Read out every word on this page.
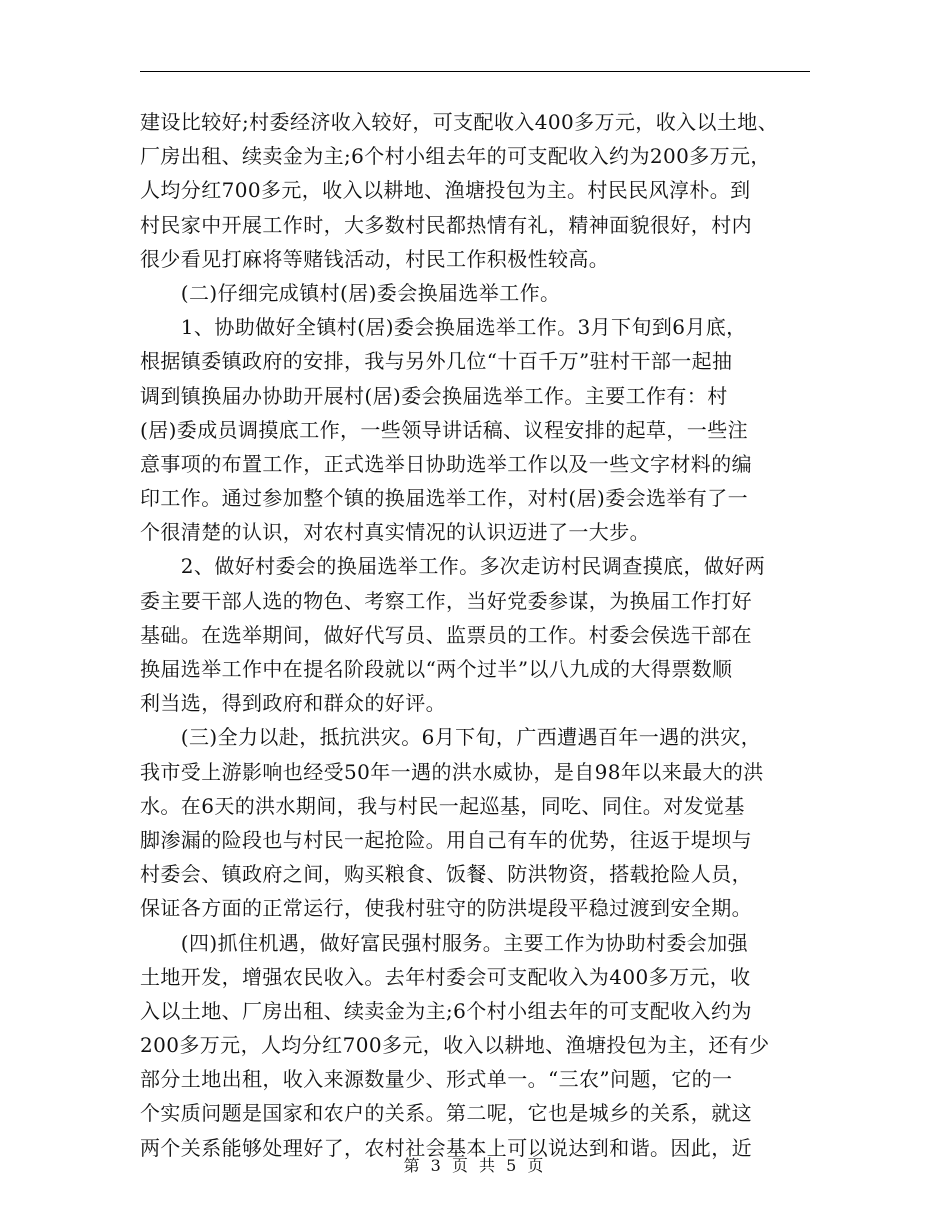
建设比较好;村委经济收入较好，可支配收入400多万元，收入以土地、
厂房出租、续卖金为主;6个村小组去年的可支配收入约为200多万元，
人均分红700多元，收入以耕地、渔塘投包为主。村民民风淳朴。到
村民家中开展工作时，大多数村民都热情有礼，精神面貌很好，村内
很少看见打麻将等赌钱活动，村民工作积极性较高。
　　(二)仔细完成镇村(居)委会换届选举工作。
　　1、协助做好全镇村(居)委会换届选举工作。3月下旬到6月底，
根据镇委镇政府的安排，我与另外几位“十百千万”驻村干部一起抽
调到镇换届办协助开展村(居)委会换届选举工作。主要工作有：村
(居)委成员调摸底工作，一些领导讲话稿、议程安排的起草，一些注
意事项的布置工作，正式选举日协助选举工作以及一些文字材料的编
印工作。通过参加整个镇的换届选举工作，对村(居)委会选举有了一
个很清楚的认识，对农村真实情况的认识迈进了一大步。
　　2、做好村委会的换届选举工作。多次走访村民调查摸底，做好两
委主要干部人选的物色、考察工作，当好党委参谋，为换届工作打好
基础。在选举期间，做好代写员、监票员的工作。村委会侯选干部在
换届选举工作中在提名阶段就以“两个过半”以八九成的大得票数顺
利当选，得到政府和群众的好评。
　　(三)全力以赴，抵抗洪灾。6月下旬，广西遭遇百年一遇的洪灾，
我市受上游影响也经受50年一遇的洪水威协，是自98年以来最大的洪
水。在6天的洪水期间，我与村民一起巡基，同吃、同住。对发觉基
脚渗漏的险段也与村民一起抢险。用自己有车的优势，往返于堤坝与
村委会、镇政府之间，购买粮食、饭餐、防洪物资，搭载抢险人员，
保证各方面的正常运行，使我村驻守的防洪堤段平稳过渡到安全期。
　　(四)抓住机遇，做好富民强村服务。主要工作为协助村委会加强
土地开发，增强农民收入。去年村委会可支配收入为400多万元，收
入以土地、厂房出租、续卖金为主;6个村小组去年的可支配收入约为
200多万元，人均分红700多元，收入以耕地、渔塘投包为主，还有少
部分土地出租，收入来源数量少、形式单一。“三农”问题，它的一
个实质问题是国家和农户的关系。第二呢，它也是城乡的关系，就这
两个关系能够处理好了，农村社会基本上可以说达到和谐。因此，近
第 3 页 共 5 页
